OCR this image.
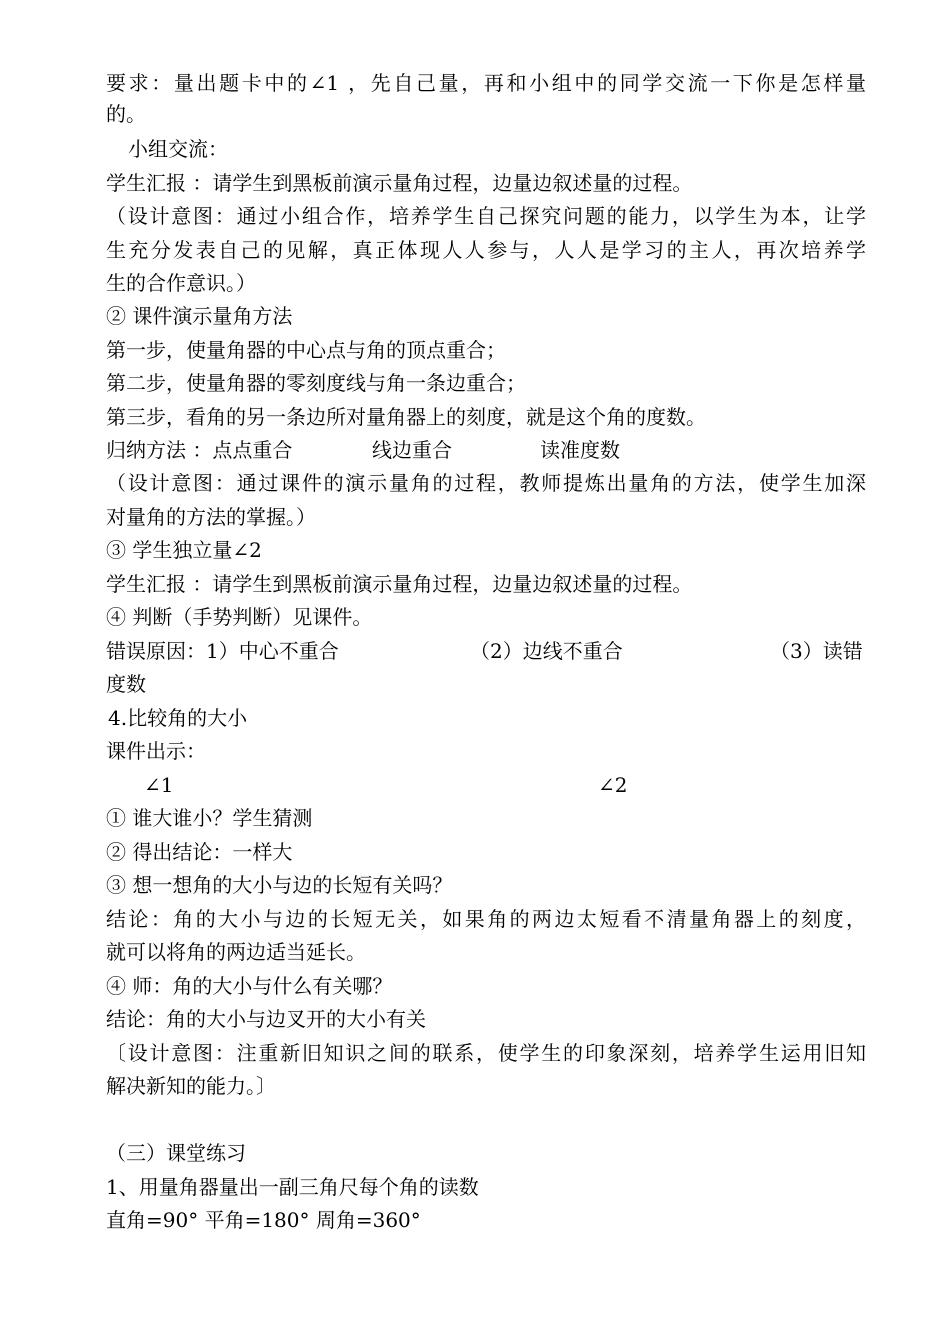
要求：量出题卡中的∠1 ，先自己量，再和小组中的同学交流一下你是怎样量
的。
小组交流：
学生汇报 ：请学生到黑板前演示量角过程，边量边叙述量的过程。
（设计意图：通过小组合作，培养学生自己探究问题的能力，以学生为本，让学
生充分发表自己的见解，真正体现人人参与，人人是学习的主人，再次培养学
生的合作意识。）
② 课件演示量角方法
第一步，使量角器的中心点与角的顶点重合；
第二步，使量角器的零刻度线与角一条边重合；
第三步，看角的另一条边所对量角器上的刻度，就是这个角的度数。
归纳方法 ：点点重合	线边重合	读准度数
（设计意图：通过课件的演示量角的过程，教师提炼出量角的方法，使学生加深
对量角的方法的掌握。）
③ 学生独立量∠2
学生汇报 ：请学生到黑板前演示量角过程，边量边叙述量的过程。
④ 判断（手势判断）见课件。
错误原因：1）中心不重合	（2）边线不重合	（3）读错
度数
4.比较角的大小
课件出示：
∠1	∠2
① 谁大谁小？学生猜测
② 得出结论：一样大
③ 想一想角的大小与边的长短有关吗？
结论：角的大小与边的长短无关，如果角的两边太短看不清量角器上的刻度，
就可以将角的两边适当延长。
④ 师：角的大小与什么有关哪？
结论：角的大小与边叉开的大小有关
〔设计意图：注重新旧知识之间的联系，使学生的印象深刻，培养学生运用旧知
解决新知的能力。〕
（三）课堂练习
1、用量角器量出一副三角尺每个角的读数
直角=90° 平角=180° 周角=360°
